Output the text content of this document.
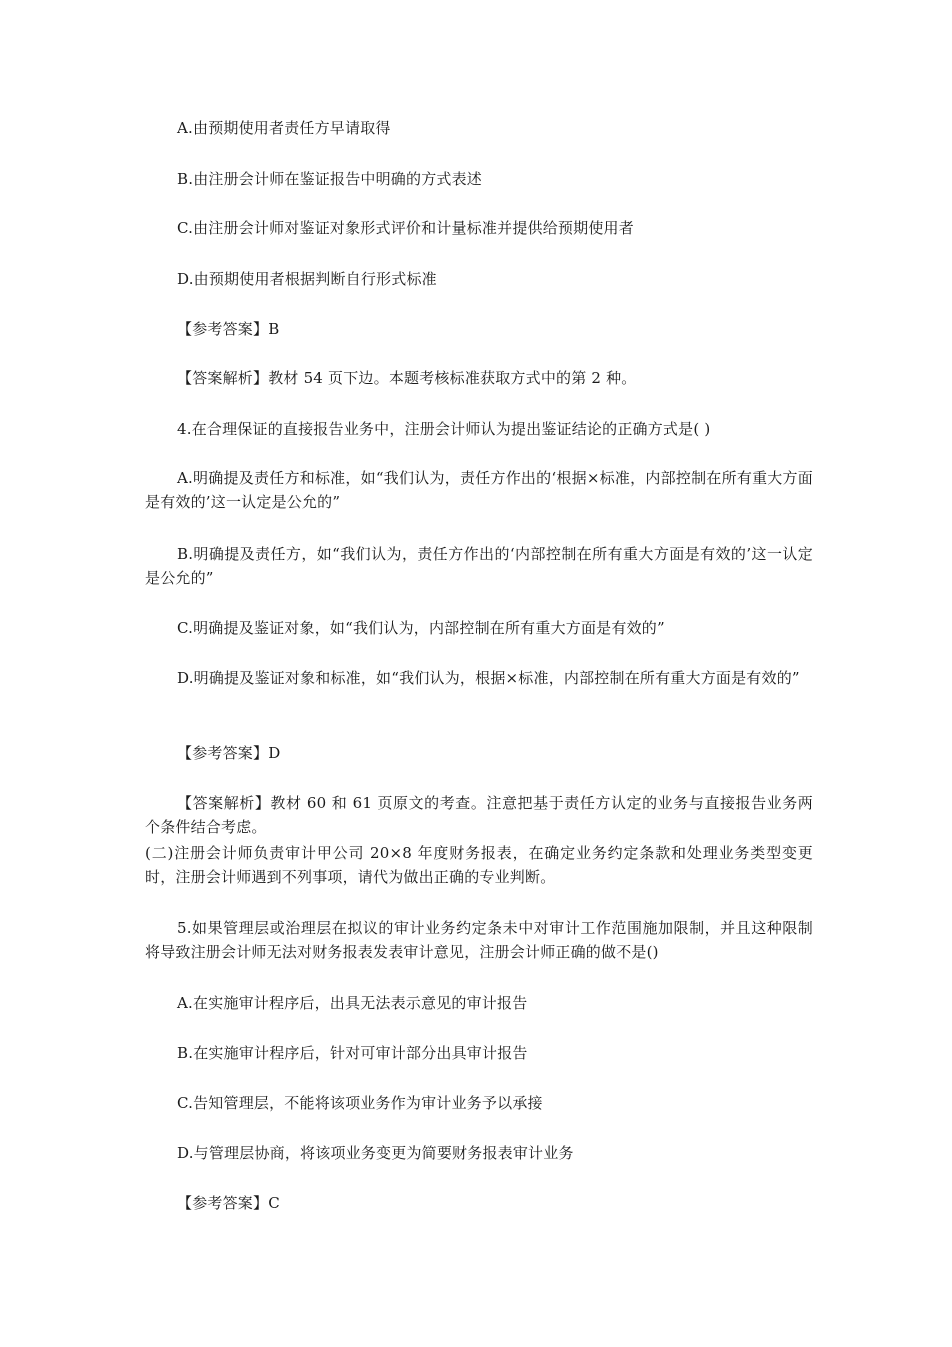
A.由预期使用者责任方早请取得
B.由注册会计师在鉴证报告中明确的方式表述
C.由注册会计师对鉴证对象形式评价和计量标准并提供给预期使用者
D.由预期使用者根据判断自行形式标准
【参考答案】B
【答案解析】教材 54 页下边。本题考核标准获取方式中的第 2 种。
4.在合理保证的直接报告业务中，注册会计师认为提出鉴证结论的正确方式是( )
A.明确提及责任方和标准，如“我们认为，责任方作出的‘根据×标准，内部控制在所有重大方面是有效的’这一认定是公允的”
B.明确提及责任方，如“我们认为，责任方作出的‘内部控制在所有重大方面是有效的’这一认定是公允的”
C.明确提及鉴证对象，如“我们认为，内部控制在所有重大方面是有效的”
D.明确提及鉴证对象和标准，如“我们认为，根据×标准，内部控制在所有重大方面是有效的”
【参考答案】D
【答案解析】教材 60 和 61 页原文的考查。注意把基于责任方认定的业务与直接报告业务两个条件结合考虑。
(二)注册会计师负责审计甲公司 20×8 年度财务报表，在确定业务约定条款和处理业务类型变更时，注册会计师遇到不列事项，请代为做出正确的专业判断。
5.如果管理层或治理层在拟议的审计业务约定条未中对审计工作范围施加限制，并且这种限制将导致注册会计师无法对财务报表发表审计意见，注册会计师正确的做不是()
A.在实施审计程序后，出具无法表示意见的审计报告
B.在实施审计程序后，针对可审计部分出具审计报告
C.告知管理层，不能将该项业务作为审计业务予以承接
D.与管理层协商，将该项业务变更为简要财务报表审计业务
【参考答案】C
